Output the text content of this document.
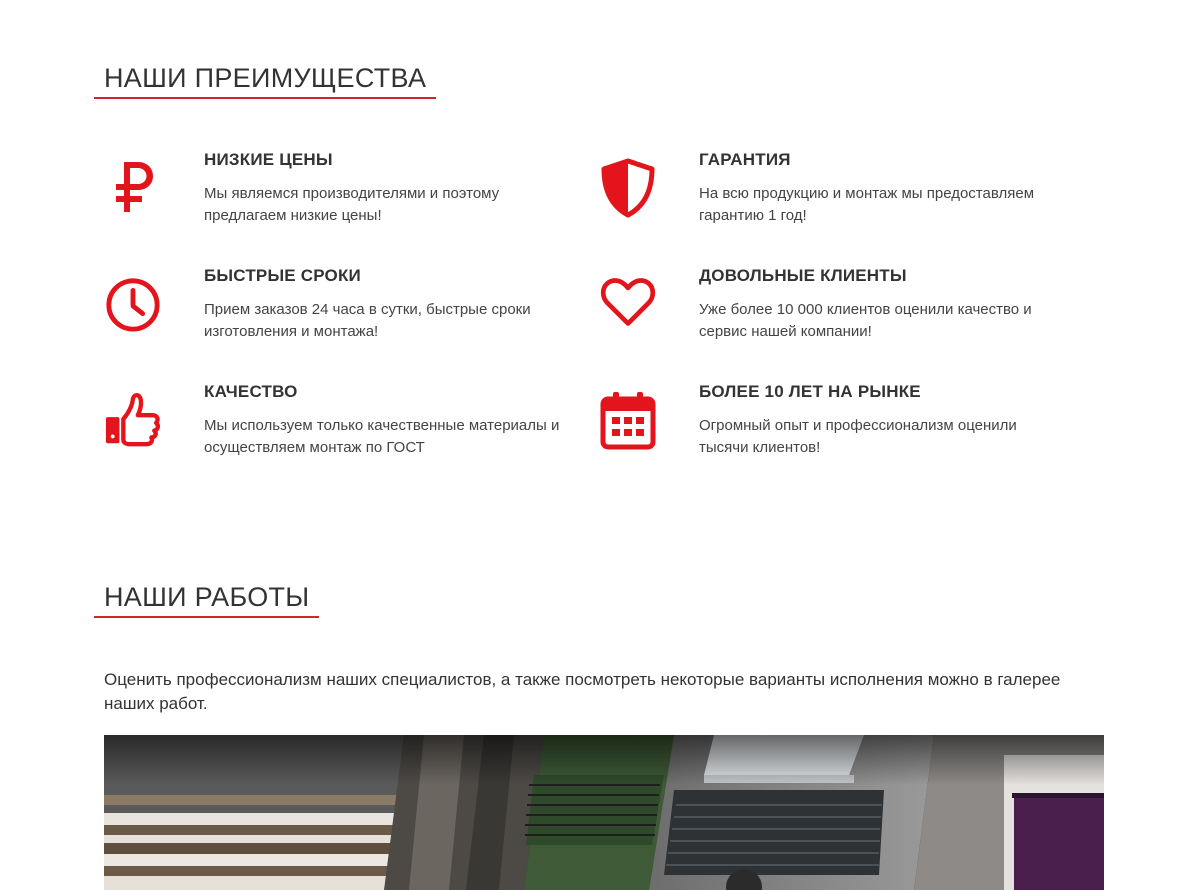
НАШИ ПРЕИМУЩЕСТВА
НИЗКИЕ ЦЕНЫ
Мы являемся производителями и поэтому предлагаем низкие цены!
ГАРАНТИЯ
На всю продукцию и монтаж мы предоставляем гарантию 1 год!
БЫСТРЫЕ СРОКИ
Прием заказов 24 часа в сутки, быстрые сроки изготовления и монтажа!
ДОВОЛЬНЫЕ КЛИЕНТЫ
Уже более 10 000 клиентов оценили качество и сервис нашей компании!
КАЧЕСТВО
Мы используем только качественные материалы и осуществляем монтаж по ГОСТ
БОЛЕЕ 10 ЛЕТ НА РЫНКЕ
Огромный опыт и профессионализм оценили тысячи клиентов!
НАШИ РАБОТЫ

Оценить профессионализм наших специалистов, а также посмотреть некоторые варианты исполнения можно в галерее наших работ.
